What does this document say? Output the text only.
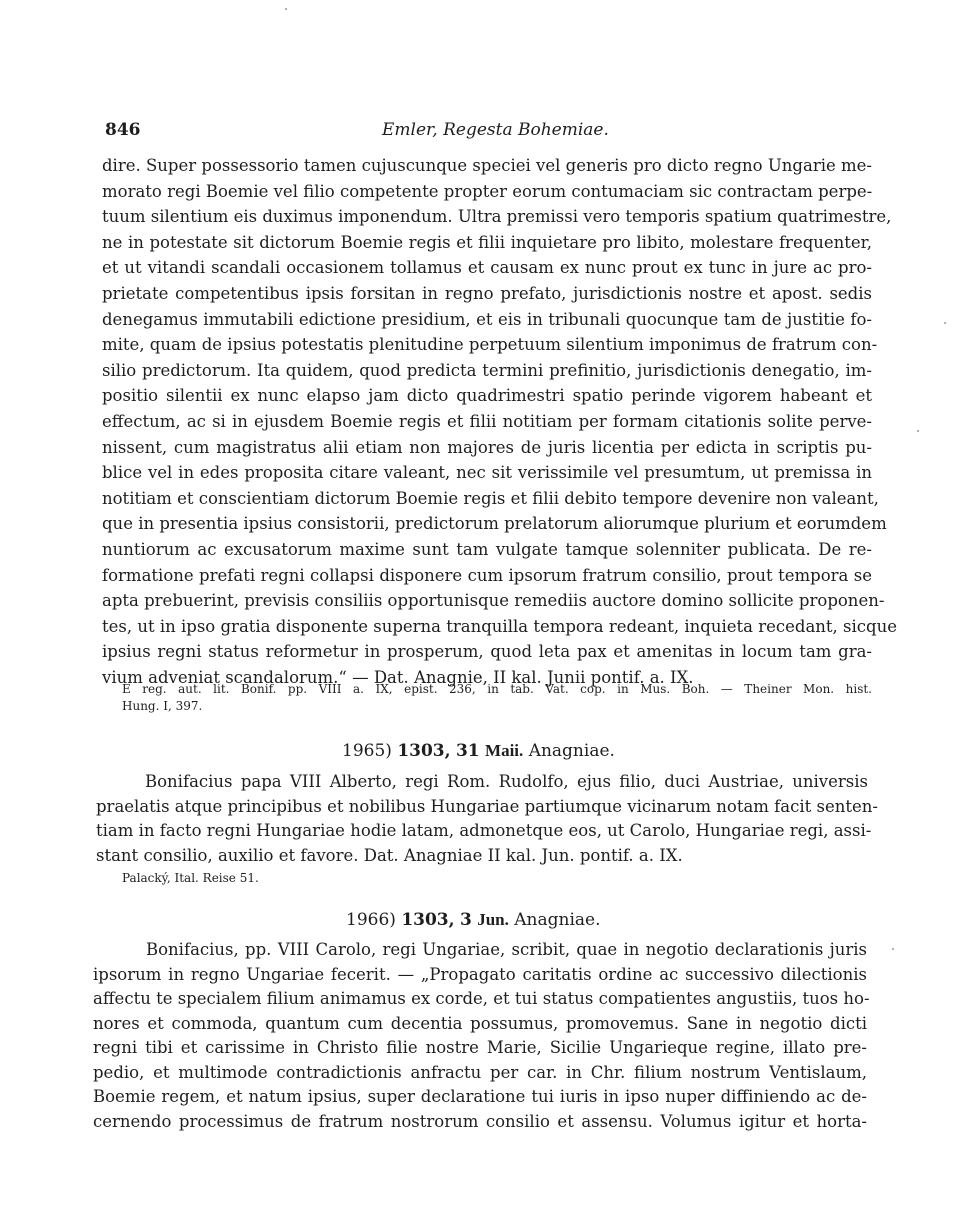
846	Emler, Regesta Bohemiae.
dire. Super possessorio tamen cujuscunque speciei vel generis pro dicto regno Ungarie me-
morato regi Boemie vel filio competente propter eorum contumaciam sic contractam perpe-
tuum silentium eis duximus imponendum. Ultra premissi vero temporis spatium quatrimestre,
ne in potestate sit dictorum Boemie regis et filii inquietare pro libito, molestare frequenter,
et ut vitandi scandali occasionem tollamus et causam ex nunc prout ex tunc in jure ac pro-
prietate competentibus ipsis forsitan in regno prefato, jurisdictionis nostre et apost. sedis
denegamus immutabili edictione presidium, et eis in tribunali quocunque tam de justitie fo-
mite, quam de ipsius potestatis plenitudine perpetuum silentium imponimus de fratrum con-
silio predictorum. Ita quidem, quod predicta termini prefinitio, jurisdictionis denegatio, im-
positio silentii ex nunc elapso jam dicto quadrimestri spatio perinde vigorem habeant et
effectum, ac si in ejusdem Boemie regis et filii notitiam per formam citationis solite perve-
nissent, cum magistratus alii etiam non majores de juris licentia per edicta in scriptis pu-
blice vel in edes proposita citare valeant, nec sit verissimile vel presumtum, ut premissa in
notitiam et conscientiam dictorum Boemie regis et filii debito tempore devenire non valeant,
que in presentia ipsius consistorii, predictorum prelatorum aliorumque plurium et eorumdem
nuntiorum ac excusatorum maxime sunt tam vulgate tamque solenniter publicata. De re-
formatione prefati regni collapsi disponere cum ipsorum fratrum consilio, prout tempora se
apta prebuerint, previsis consiliis opportunisque remediis auctore domino sollicite proponen-
tes, ut in ipso gratia disponente superna tranquilla tempora redeant, inquieta recedant, sicque
ipsius regni status reformetur in prosperum, quod leta pax et amenitas in locum tam gra-
vium adveniat scandalorum.“ — Dat. Anagnie, II kal. Junii pontif. a. IX.
E reg. aut. lit. Bonif. pp. VIII a. IX, epist. 236, in tab. Vat. cop. in Mus. Boh. — Theiner Mon. hist.
Hung. I, 397.
1965) 1303, 31 Maii. Anagniae.
Bonifacius papa VIII Alberto, regi Rom. Rudolfo, ejus filio, duci Austriae, universis
praelatis atque principibus et nobilibus Hungariae partiumque vicinarum notam facit senten-
tiam in facto regni Hungariae hodie latam, admonetque eos, ut Carolo, Hungariae regi, assi-
stant consilio, auxilio et favore. Dat. Anagniae II kal. Jun. pontif. a. IX.
Palacký, Ital. Reise 51.
1966) 1303, 3 Jun. Anagniae.
Bonifacius, pp. VIII Carolo, regi Ungariae, scribit, quae in negotio declarationis juris
ipsorum in regno Ungariae fecerit. — „Propagato caritatis ordine ac successivo dilectionis
affectu te specialem filium animamus ex corde, et tui status compatientes angustiis, tuos ho-
nores et commoda, quantum cum decentia possumus, promovemus. Sane in negotio dicti
regni tibi et carissime in Christo filie nostre Marie, Sicilie Ungarieque regine, illato pre-
pedio, et multimode contradictionis anfractu per car. in Chr. filium nostrum Ventislaum,
Boemie regem, et natum ipsius, super declaratione tui iuris in ipso nuper diffiniendo ac de-
cernendo processimus de fratrum nostrorum consilio et assensu. Volumus igitur et horta-
